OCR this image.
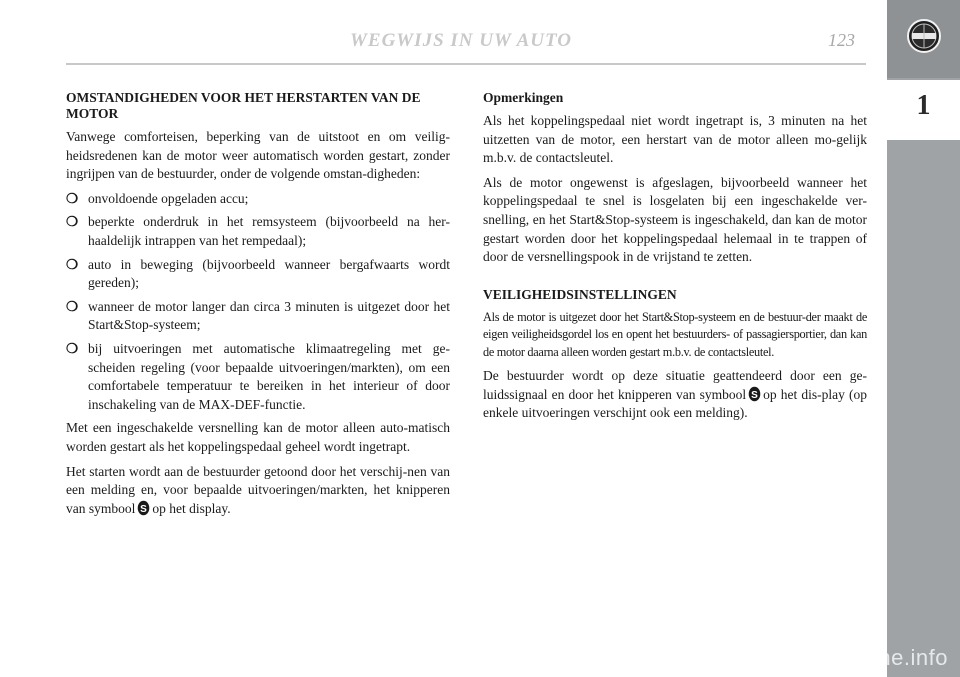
WEGWIJS IN UW AUTO	123
1
OMSTANDIGHEDEN VOOR HET HERSTARTEN VAN DE MOTOR

Vanwege comforteisen, beperking van de uitstoot en om veilig-heidsredenen kan de motor weer automatisch worden gestart, zonder ingrijpen van de bestuurder, onder de volgende omstan-digheden:

❍ onvoldoende opgeladen accu;
❍ beperkte onderdruk in het remsysteem (bijvoorbeeld na her-haaldelijk intrappen van het rempedaal);
❍ auto in beweging (bijvoorbeeld wanneer bergafwaarts wordt gereden);
❍ wanneer de motor langer dan circa 3 minuten is uitgezet door het Start&Stop-systeem;
❍ bij uitvoeringen met automatische klimaatregeling met ge-scheiden regeling (voor bepaalde uitvoeringen/markten), om een comfortabele temperatuur te bereiken in het interieur of door inschakeling van de MAX-DEF-functie.

Met een ingeschakelde versnelling kan de motor alleen auto-matisch worden gestart als het koppelingspedaal geheel wordt ingetrapt.

Het starten wordt aan de bestuurder getoond door het verschij-nen van een melding en, voor bepaalde uitvoeringen/markten, het knipperen van symbool S op het display.

Opmerkingen

Als het koppelingspedaal niet wordt ingetrapt is, 3 minuten na het uitzetten van de motor, een herstart van de motor alleen mo-gelijk m.b.v. de contactsleutel.

Als de motor ongewenst is afgeslagen, bijvoorbeeld wanneer het koppelingspedaal te snel is losgelaten bij een ingeschakelde ver-snelling, en het Start&Stop-systeem is ingeschakeld, dan kan de motor gestart worden door het koppelingspedaal helemaal in te trappen of door de versnellingspook in de vrijstand te zetten.

VEILIGHEIDSINSTELLINGEN

Als de motor is uitgezet door het Start&Stop-systeem en de bestuur-der maakt de eigen veiligheidsgordel los en opent het bestuurders- of passagiersportier, dan kan de motor daarna alleen worden gestart m.b.v. de contactsleutel.

De bestuurder wordt op deze situatie geattendeerd door een ge-luidssignaal en door het knipperen van symbool S op het dis-play (op enkele uitvoeringen verschijnt ook een melding).

carmanualsonline.info
